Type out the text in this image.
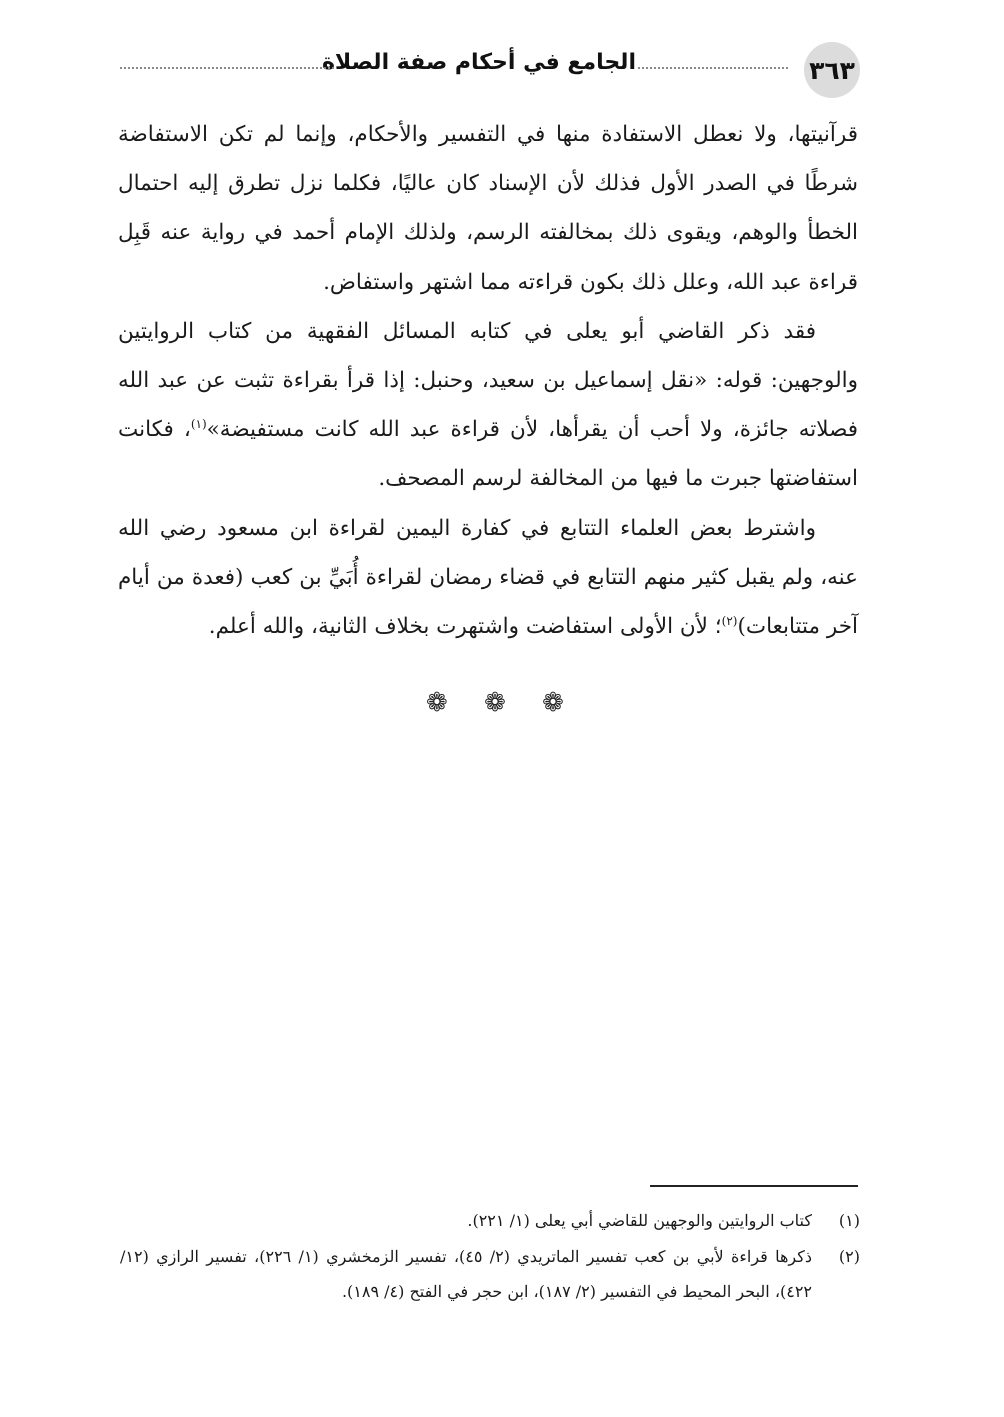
٣٦٣
الجامع في أحكام صفة الصلاة

قرآنيتها، ولا نعطل الاستفادة منها في التفسير والأحكام، وإنما لم تكن الاستفاضة شرطًا في الصدر الأول فذلك لأن الإسناد كان عاليًا، فكلما نزل تطرق إليه احتمال الخطأ والوهم، ويقوى ذلك بمخالفته الرسم، ولذلك الإمام أحمد في رواية عنه قَبِل قراءة عبد الله، وعلل ذلك بكون قراءته مما اشتهر واستفاض.

فقد ذكر القاضي أبو يعلى في كتابه المسائل الفقهية من كتاب الروايتين والوجهين: قوله: «نقل إسماعيل بن سعيد، وحنبل: إذا قرأ بقراءة تثبت عن عبد الله فصلاته جائزة، ولا أحب أن يقرأها، لأن قراءة عبد الله كانت مستفيضة»$^{(١)}$، فكانت استفاضتها جبرت ما فيها من المخالفة لرسم المصحف.

واشترط بعض العلماء التتابع في كفارة اليمين لقراءة ابن مسعود رضي الله عنه، ولم يقبل كثير منهم التتابع في قضاء رمضان لقراءة أُبَيِّ بن كعب (فعدة من أيام آخر متتابعات)$^{(٢)}$؛ لأن الأولى استفاضت واشتهرت بخلاف الثانية، والله أعلم.

❁ ❁ ❁
(١)
كتاب الروايتين والوجهين للقاضي أبي يعلى (١/ ٢٢١).
(٢)
ذكرها قراءة لأبي بن كعب تفسير الماتريدي (٢/ ٤٥)، تفسير الزمخشري (١/ ٢٢٦)، تفسير الرازي (١٢/ ٤٢٢)، البحر المحيط في التفسير (٢/ ١٨٧)، ابن حجر في الفتح (٤/ ١٨٩).
